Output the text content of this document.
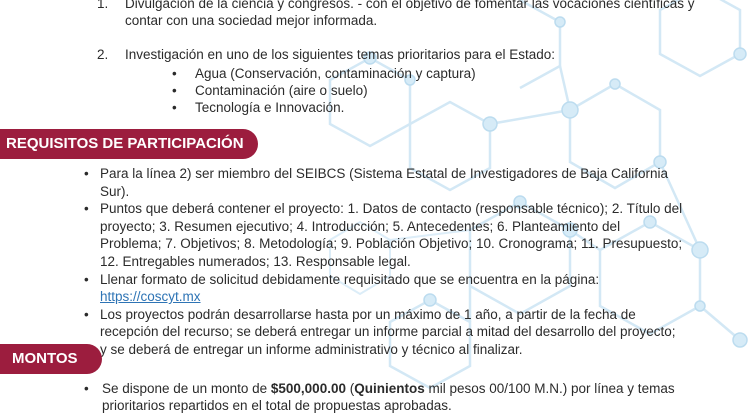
1. Divulgación de la ciencia y congresos. - con el objetivo de fomentar las vocaciones científicas y contar con una sociedad mejor informada.
2. Investigación en uno de los siguientes temas prioritarios para el Estado:
• Agua (Conservación, contaminación y captura)
• Contaminación (aire o suelo)
• Tecnología e Innovación.
REQUISITOS DE PARTICIPACIÓN
• Para la línea 2) ser miembro del SEIBCS (Sistema Estatal de Investigadores de Baja California Sur).
• Puntos que deberá contener el proyecto: 1. Datos de contacto (responsable técnico); 2. Título del proyecto; 3. Resumen ejecutivo; 4. Introducción; 5. Antecedentes; 6. Planteamiento del Problema; 7. Objetivos; 8. Metodología; 9. Población Objetivo; 10. Cronograma; 11. Presupuesto; 12. Entregables numerados; 13. Responsable legal.
• Llenar formato de solicitud debidamente requisitado que se encuentra en la página:
https://coscyt.mx
• Los proyectos podrán desarrollarse hasta por un máximo de 1 año, a partir de la fecha de recepción del recurso; se deberá entregar un informe parcial a mitad del desarrollo del proyecto; y se deberá de entregar un informe administrativo y técnico al finalizar.
MONTOS
• Se dispone de un monto de $500,000.00 (Quinientos mil pesos 00/100 M.N.) por línea y temas prioritarios repartidos en el total de propuestas aprobadas.
